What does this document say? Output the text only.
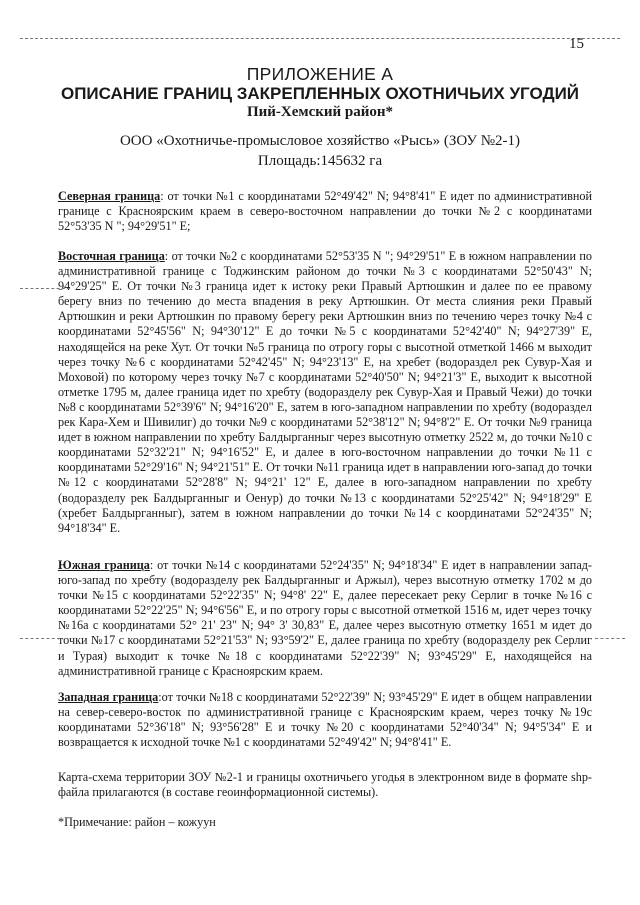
15
ПРИЛОЖЕНИЕ А
ОПИСАНИЕ ГРАНИЦ ЗАКРЕПЛЕННЫХ ОХОТНИЧЬИХ УГОДИЙ
Пий-Хемский район*
ООО «Охотничье-промысловое хозяйство «Рысь» (ЗОУ №2-1)
Площадь:145632 га
Северная граница: от точки №1 с координатами 52°49'42" N; 94°8'41" E идет по административной границе с Красноярским краем в северо-восточном направлении до точки №2 с координатами 52°53'35 N "; 94°29'51" E;
Восточная граница: от точки №2 с координатами 52°53'35 N "; 94°29'51" E в южном направлении по административной границе с Тоджинским районом до точки №3 с координатами 52°50'43" N; 94°29'25" E. От точки №3 граница идет к истоку реки Правый Артюшкин и далее по ее правому берегу вниз по течению до места впадения в реку Артюшкин. От места слияния реки Правый Артюшкин и реки Артюшкин по правому берегу реки Артюшкин вниз по течению через точку №4 с координатами 52°45'56" N; 94°30'12" E до точки №5 с координатами 52°42'40" N; 94°27'39" E, находящейся на реке Хут. От точки №5 граница по отрогу горы с высотной отметкой 1466 м выходит через точку №6 с координатами 52°42'45" N; 94°23'13" E, на хребет (водораздел рек Сувур-Хая и Моховой) по которому через точку №7 с координатами 52°40'50" N; 94°21'3" E, выходит к высотной отметке 1795 м, далее граница идет по хребту (водоразделу рек Сувур-Хая и Правый Чежи) до точки №8 с координатами 52°39'6" N; 94°16'20" E, затем в юго-западном направлении по хребту (водораздел рек Кара-Хем и Шивилиг) до точки №9 с координатами 52°38'12" N; 94°8'2" E. От точки №9 граница идет в южном направлении по хребту Балдырганныг через высотную отметку 2522 м, до точки №10 с координатами 52°32'21" N; 94°16'52" E, и далее в юго-восточном направлении до точки №11 с координатами 52°29'16" N; 94°21'51" E. От точки №11 граница идет в направлении юго-запад до точки №12 с координатами 52°28'8" N; 94°21' 12" E, далее в юго-западном направлении по хребту (водоразделу рек Балдырганныг и Оенур) до точки №13 с координатами 52°25'42" N; 94°18'29" E (хребет Балдырганныг), затем в южном направлении до точки №14 с координатами 52°24'35" N; 94°18'34" E.
Южная граница: от точки №14 с координатами 52°24'35" N; 94°18'34" E идет в направлении запад-юго-запад по хребту (водоразделу рек Балдырганныг и Аржыл), через высотную отметку 1702 м до точки №15 с координатами 52°22'35" N; 94°8' 22" E, далее пересекает реку Серлиг в точке №16 с координатами 52°22'25" N; 94°6'56" E, и по отрогу горы с высотной отметкой 1516 м, идет через точку №16а с координатами 52° 21' 23" N; 94° 3' 30,83" E, далее через высотную отметку 1651 м идет до точки №17 с координатами 52°21'53" N; 93°59'2" E, далее граница по хребту (водоразделу рек Серлиг и Турая) выходит к точке №18 с координатами 52°22'39" N; 93°45'29" E, находящейся на административной границе с Красноярским краем.
Западная граница:от точки №18 с координатами 52°22'39" N; 93°45'29" E идет в общем направлении на север-северо-восток по административной границе с Красноярским краем, через точку №19с координатами 52°36'18" N; 93°56'28" E и точку №20 с координатами 52°40'34" N; 94°5'34" E и возвращается к исходной точке №1 с координатами 52°49'42" N; 94°8'41" E.
Карта-схема территории ЗОУ №2-1 и границы охотничьего угодья в электронном виде в формате shp-файла прилагаются (в составе геоинформационной системы).
*Примечание: район – кожуун
